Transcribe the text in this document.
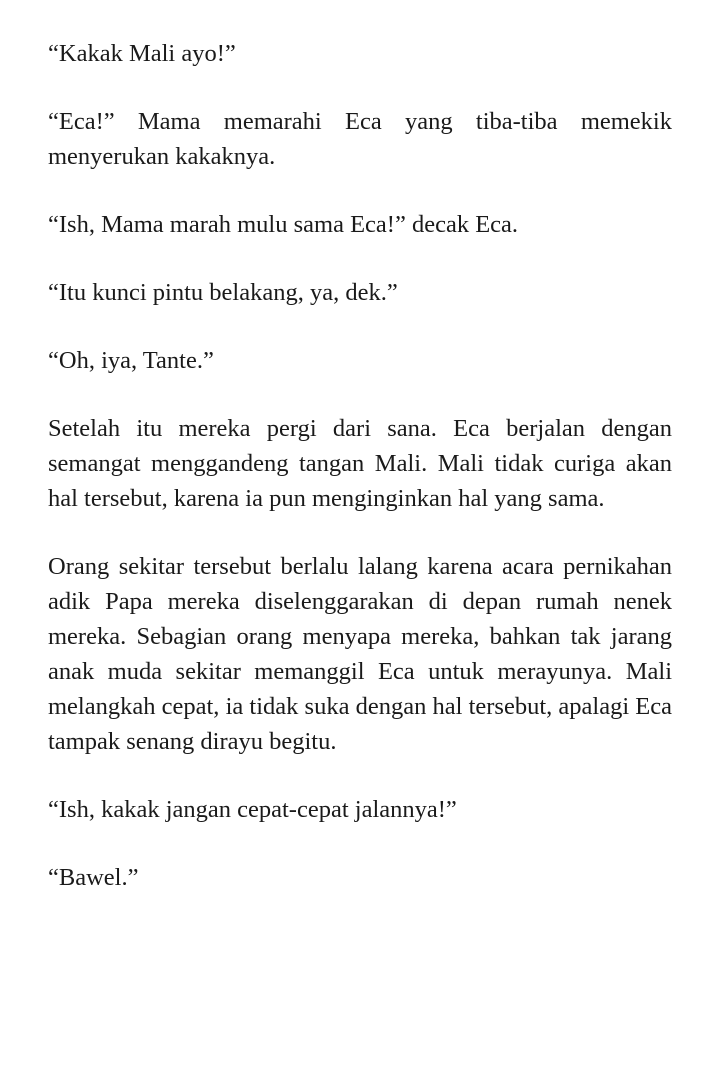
“Kakak Mali ayo!”

“Eca!” Mama memarahi Eca yang tiba-tiba memekik menyerukan kakaknya.

“Ish, Mama marah mulu sama Eca!” decak Eca.

“Itu kunci pintu belakang, ya, dek.”

“Oh, iya, Tante.”

Setelah itu mereka pergi dari sana. Eca berjalan dengan semangat menggandeng tangan Mali. Mali tidak curiga akan hal tersebut, karena ia pun menginginkan hal yang sama.

Orang sekitar tersebut berlalu lalang karena acara pernikahan adik Papa mereka diselenggarakan di depan rumah nenek mereka. Sebagian orang menyapa mereka, bahkan tak jarang anak muda sekitar memanggil Eca untuk merayunya. Mali melangkah cepat, ia tidak suka dengan hal tersebut, apalagi Eca tampak senang dirayu begitu.

“Ish, kakak jangan cepat-cepat jalannya!”

“Bawel.”
